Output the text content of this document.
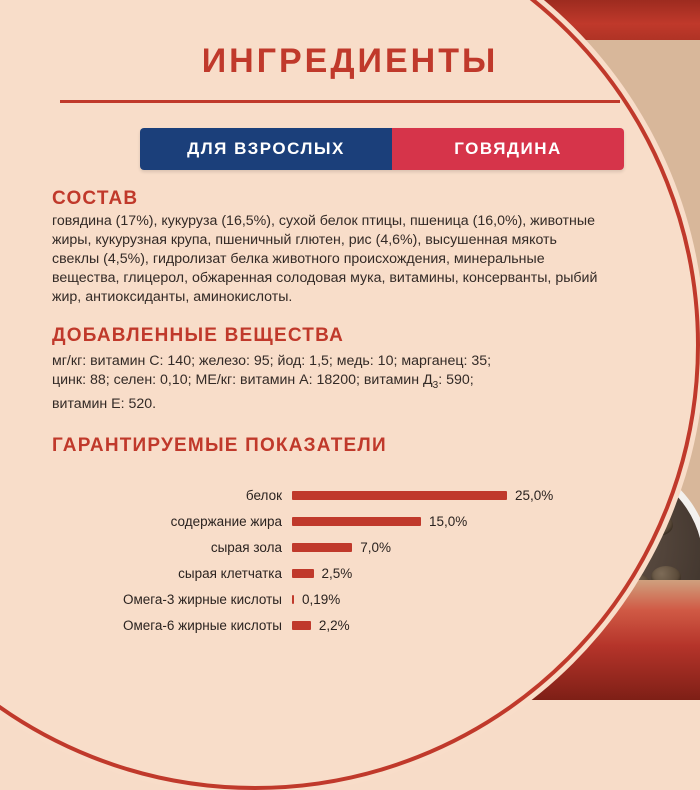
ИНГРЕДИЕНТЫ
ДЛЯ ВЗРОСЛЫХ	ГОВЯДИНА
СОСТАВ
говядина (17%), кукуруза (16,5%), сухой белок птицы, пшеница (16,0%), животные жиры, кукурузная крупа, пшеничный глютен, рис (4,6%), высушенная мякоть свеклы (4,5%), гидролизат белка животного происхождения, минеральные вещества, глицерол, обжаренная солодовая мука, витамины, консерванты, рыбий жир, антиоксиданты, аминокислоты.
ДОБАВЛЕННЫЕ ВЕЩЕСТВА
мг/кг: витамин C: 140; железо: 95; йод: 1,5; медь: 10; марганец: 35;
цинк: 88; селен: 0,10; МЕ/кг: витамин A: 18200; витамин $Д_3$: 590;
витамин E: 520.
ГАРАНТИРУЕМЫЕ ПОКАЗАТЕЛИ
белок	25,0%
содержание жира	15,0%
сырая зола	7,0%
сырая клетчатка	2,5%
Омега-3 жирные кислоты	0,19%
Омега-6 жирные кислоты	2,2%
